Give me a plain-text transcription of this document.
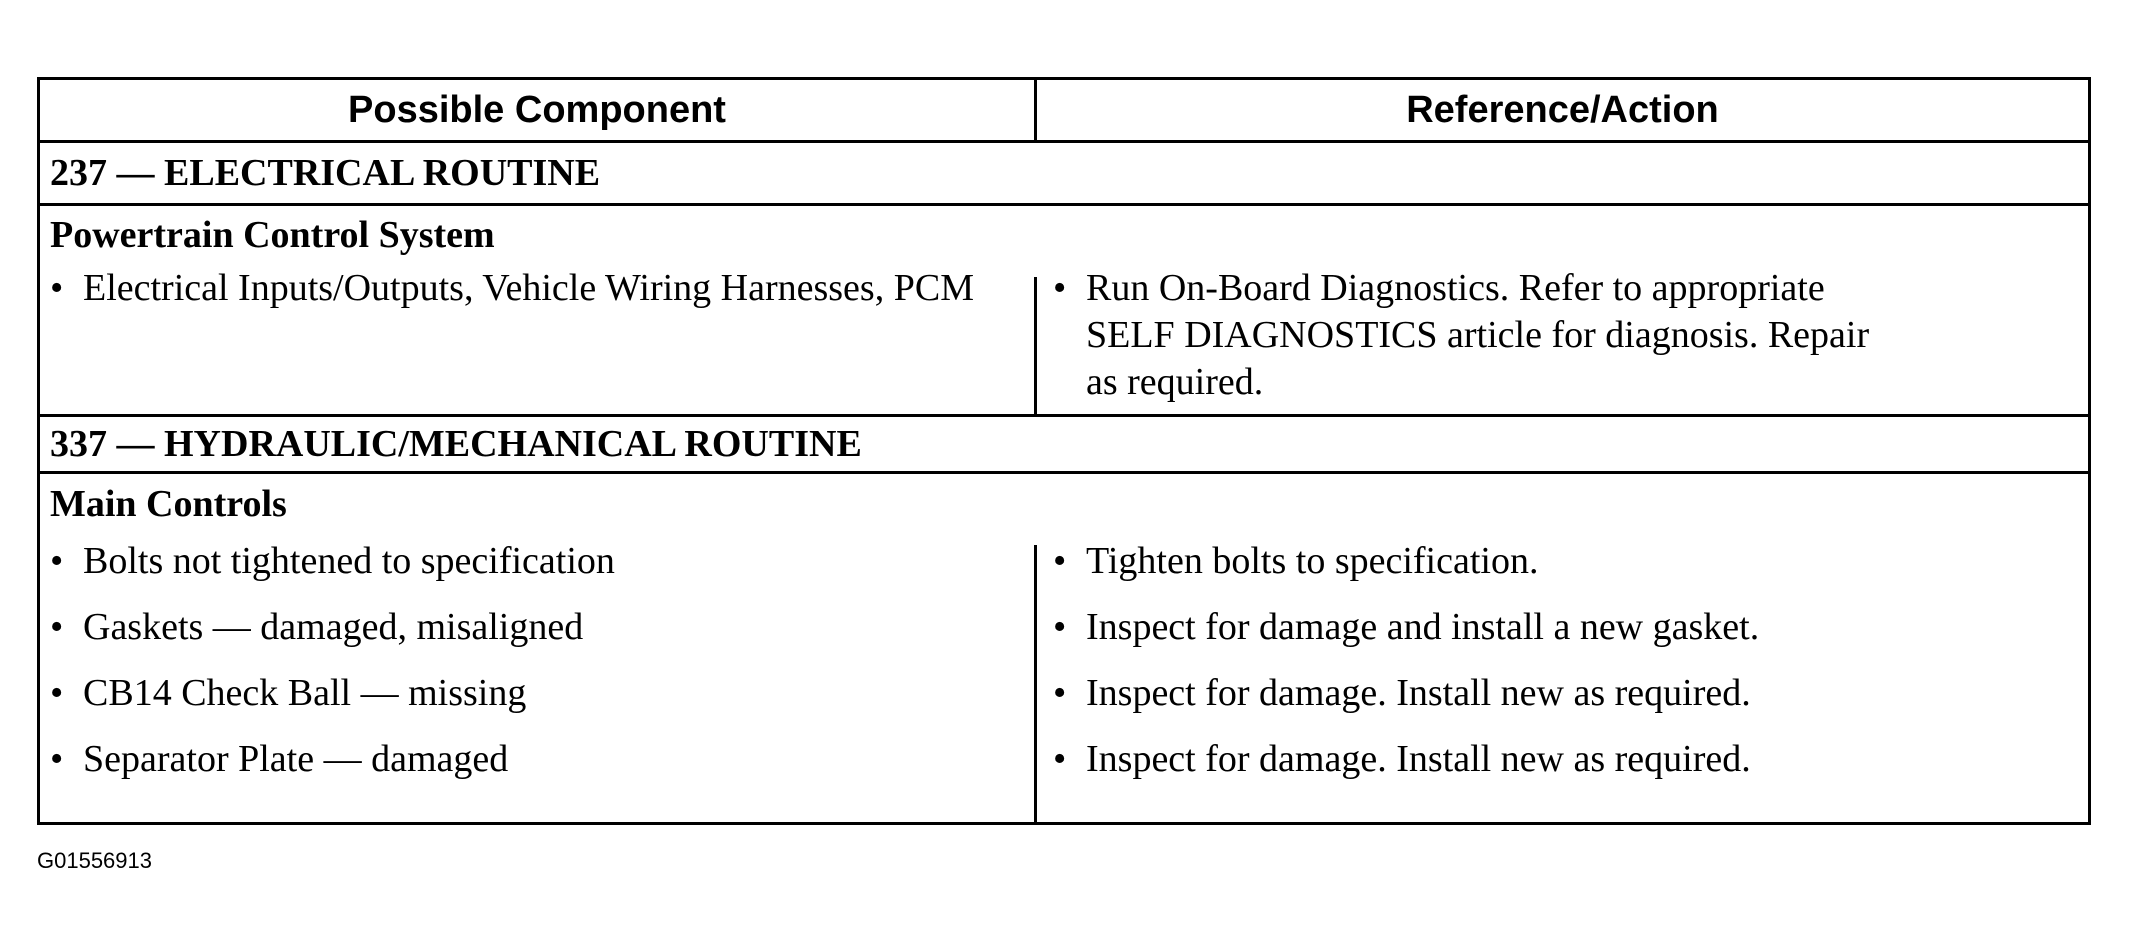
Possible Component	Reference/Action
237 — ELECTRICAL ROUTINE
Powertrain Control System
• Electrical Inputs/Outputs, Vehicle Wiring Harnesses, PCM	• Run On-Board Diagnostics. Refer to appropriate SELF DIAGNOSTICS article for diagnosis. Repair as required.
337 — HYDRAULIC/MECHANICAL ROUTINE
Main Controls
• Bolts not tightened to specification	• Tighten bolts to specification.
• Gaskets — damaged, misaligned	• Inspect for damage and install a new gasket.
• CB14 Check Ball — missing	• Inspect for damage. Install new as required.
• Separator Plate — damaged	• Inspect for damage. Install new as required.
G01556913
